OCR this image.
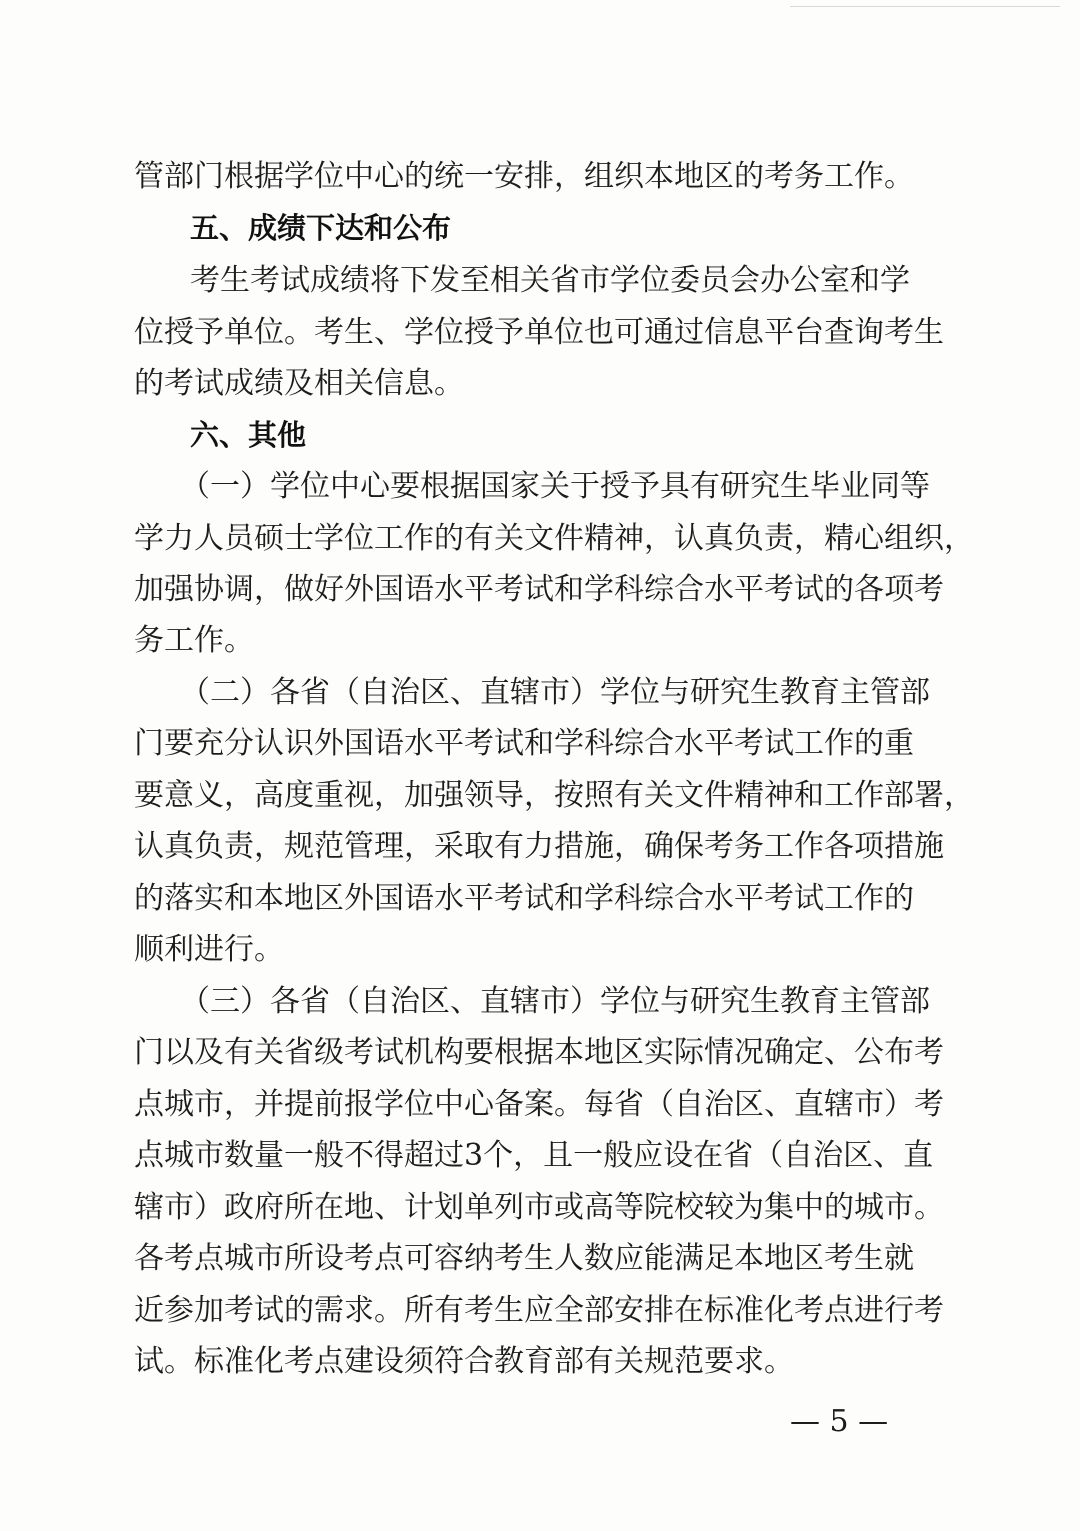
管部门根据学位中心的统一安排，组织本地区的考务工作。

五、成绩下达和公布

考生考试成绩将下发至相关省市学位委员会办公室和学

位授予单位。考生、学位授予单位也可通过信息平台查询考生

的考试成绩及相关信息。

六、其他

（一）学位中心要根据国家关于授予具有研究生毕业同等

学力人员硕士学位工作的有关文件精神，认真负责，精心组织，

加强协调，做好外国语水平考试和学科综合水平考试的各项考

务工作。

（二）各省（自治区、直辖市）学位与研究生教育主管部

门要充分认识外国语水平考试和学科综合水平考试工作的重

要意义，高度重视，加强领导，按照有关文件精神和工作部署，

认真负责，规范管理，采取有力措施，确保考务工作各项措施

的落实和本地区外国语水平考试和学科综合水平考试工作的

顺利进行。

（三）各省（自治区、直辖市）学位与研究生教育主管部

门以及有关省级考试机构要根据本地区实际情况确定、公布考

点城市，并提前报学位中心备案。每省（自治区、直辖市）考

点城市数量一般不得超过3个，且一般应设在省（自治区、直

辖市）政府所在地、计划单列市或高等院校较为集中的城市。

各考点城市所设考点可容纳考生人数应能满足本地区考生就

近参加考试的需求。所有考生应全部安排在标准化考点进行考

试。标准化考点建设须符合教育部有关规范要求。

— 5 —
